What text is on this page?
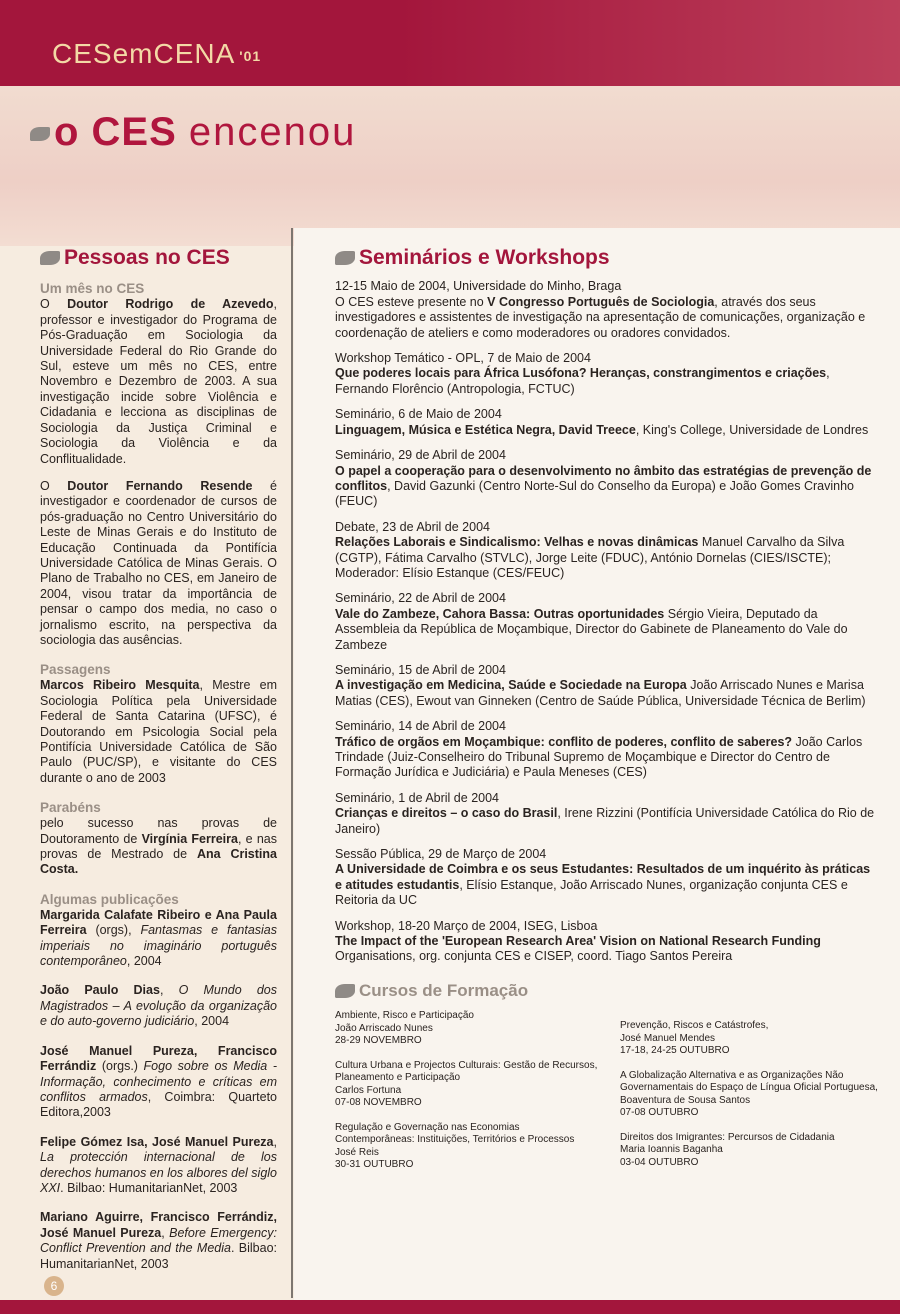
CESemCENA $^{'01}$
o CES encenou
Pessoas no CES
Um mês no CES

O Doutor Rodrigo de Azevedo, professor e investigador do Programa de Pós-Graduação em Sociologia da Universidade Federal do Rio Grande do Sul, esteve um mês no CES, entre Novembro e Dezembro de 2003. A sua investigação incide sobre Violência e Cidadania e lecciona as disciplinas de Sociologia da Justiça Criminal e Sociologia da Violência e da Conflitualidade.

O Doutor Fernando Resende é investigador e coordenador de cursos de pós-graduação no Centro Universitário do Leste de Minas Gerais e do Instituto de Educação Continuada da Pontifícia Universidade Católica de Minas Gerais. O Plano de Trabalho no CES, em Janeiro de 2004, visou tratar da importância de pensar o campo dos media, no caso o jornalismo escrito, na perspectiva da sociologia das ausências.

Passagens

Marcos Ribeiro Mesquita, Mestre em Sociologia Política pela Universidade Federal de Santa Catarina (UFSC), é Doutorando em Psicologia Social pela Pontifícia Universidade Católica de São Paulo (PUC/SP), e visitante do CES durante o ano de 2003

Parabéns

pelo sucesso nas provas de Doutoramento de Virgínia Ferreira, e nas provas de Mestrado de Ana Cristina Costa.

Algumas publicações

Margarida Calafate Ribeiro e Ana Paula Ferreira (orgs), Fantasmas e fantasias imperiais no imaginário português contemporâneo, 2004

João Paulo Dias, O Mundo dos Magistrados – A evolução da organização e do auto-governo judiciário, 2004

José Manuel Pureza, Francisco Ferrándiz (orgs.) Fogo sobre os Media - Informação, conhecimento e críticas em conflitos armados, Coimbra: Quarteto Editora,2003

Felipe Gómez Isa, José Manuel Pureza, La protección internacional de los derechos humanos en los albores del siglo XXI. Bilbao: HumanitarianNet, 2003

Mariano Aguirre, Francisco Ferrándiz, José Manuel Pureza, Before Emergency: Conflict Prevention and the Media. Bilbao: HumanitarianNet, 2003

Seminários e Workshops
12-15 Maio de 2004, Universidade do Minho, Braga
O CES esteve presente no V Congresso Português de Sociologia, através dos seus investigadores e assistentes de investigação na apresentação de comunicações, organização e coordenação de ateliers e como moderadores ou oradores convidados.
Workshop Temático - OPL, 7 de Maio de 2004
Que poderes locais para África Lusófona? Heranças, constrangimentos e criações, Fernando Florêncio (Antropologia, FCTUC)
Seminário, 6 de Maio de 2004
Linguagem, Música e Estética Negra, David Treece, King's College, Universidade de Londres
Seminário, 29 de Abril de 2004
O papel a cooperação para o desenvolvimento no âmbito das estratégias de prevenção de conflitos, David Gazunki (Centro Norte-Sul do Conselho da Europa) e João Gomes Cravinho (FEUC)
Debate, 23 de Abril de 2004
Relações Laborais e Sindicalismo: Velhas e novas dinâmicas Manuel Carvalho da Silva (CGTP), Fátima Carvalho (STVLC), Jorge Leite (FDUC), António Dornelas (CIES/ISCTE); Moderador: Elísio Estanque (CES/FEUC)
Seminário, 22 de Abril de 2004
Vale do Zambeze, Cahora Bassa: Outras oportunidades Sérgio Vieira, Deputado da Assembleia da República de Moçambique, Director do Gabinete de Planeamento do Vale do Zambeze
Seminário, 15 de Abril de 2004
A investigação em Medicina, Saúde e Sociedade na Europa João Arriscado Nunes e Marisa Matias (CES), Ewout van Ginneken (Centro de Saúde Pública, Universidade Técnica de Berlim)
Seminário, 14 de Abril de 2004
Tráfico de orgãos em Moçambique: conflito de poderes, conflito de saberes? João Carlos Trindade (Juiz-Conselheiro do Tribunal Supremo de Moçambique e Director do Centro de Formação Jurídica e Judiciária) e Paula Meneses (CES)
Seminário, 1 de Abril de 2004
Crianças e direitos – o caso do Brasil, Irene Rizzini (Pontifícia Universidade Católica do Rio de Janeiro)
Sessão Pública, 29 de Março de 2004
A Universidade de Coimbra e os seus Estudantes: Resultados de um inquérito às práticas e atitudes estudantis, Elísio Estanque, João Arriscado Nunes, organização conjunta CES e Reitoria da UC
Workshop, 18-20 Março de 2004, ISEG, Lisboa
The Impact of the 'European Research Area' Vision on National Research Funding Organisations, org. conjunta CES e CISEP, coord. Tiago Santos Pereira
Cursos de Formação
Ambiente, Risco e Participação
João Arriscado Nunes
28-29 NOVEMBRO
Cultura Urbana e Projectos Culturais: Gestão de Recursos, Planeamento e Participação
Carlos Fortuna
07-08 NOVEMBRO
Regulação e Governação nas Economias Contemporâneas: Instituições, Territórios e Processos
José Reis
30-31 OUTUBRO
Prevenção, Riscos e Catástrofes,
José Manuel Mendes
17-18, 24-25 OUTUBRO
A Globalização Alternativa e as Organizações Não Governamentais do Espaço de Língua Oficial Portuguesa,
Boaventura de Sousa Santos
07-08 OUTUBRO
Direitos dos Imigrantes: Percursos de Cidadania
Maria Ioannis Baganha
03-04 OUTUBRO
6
